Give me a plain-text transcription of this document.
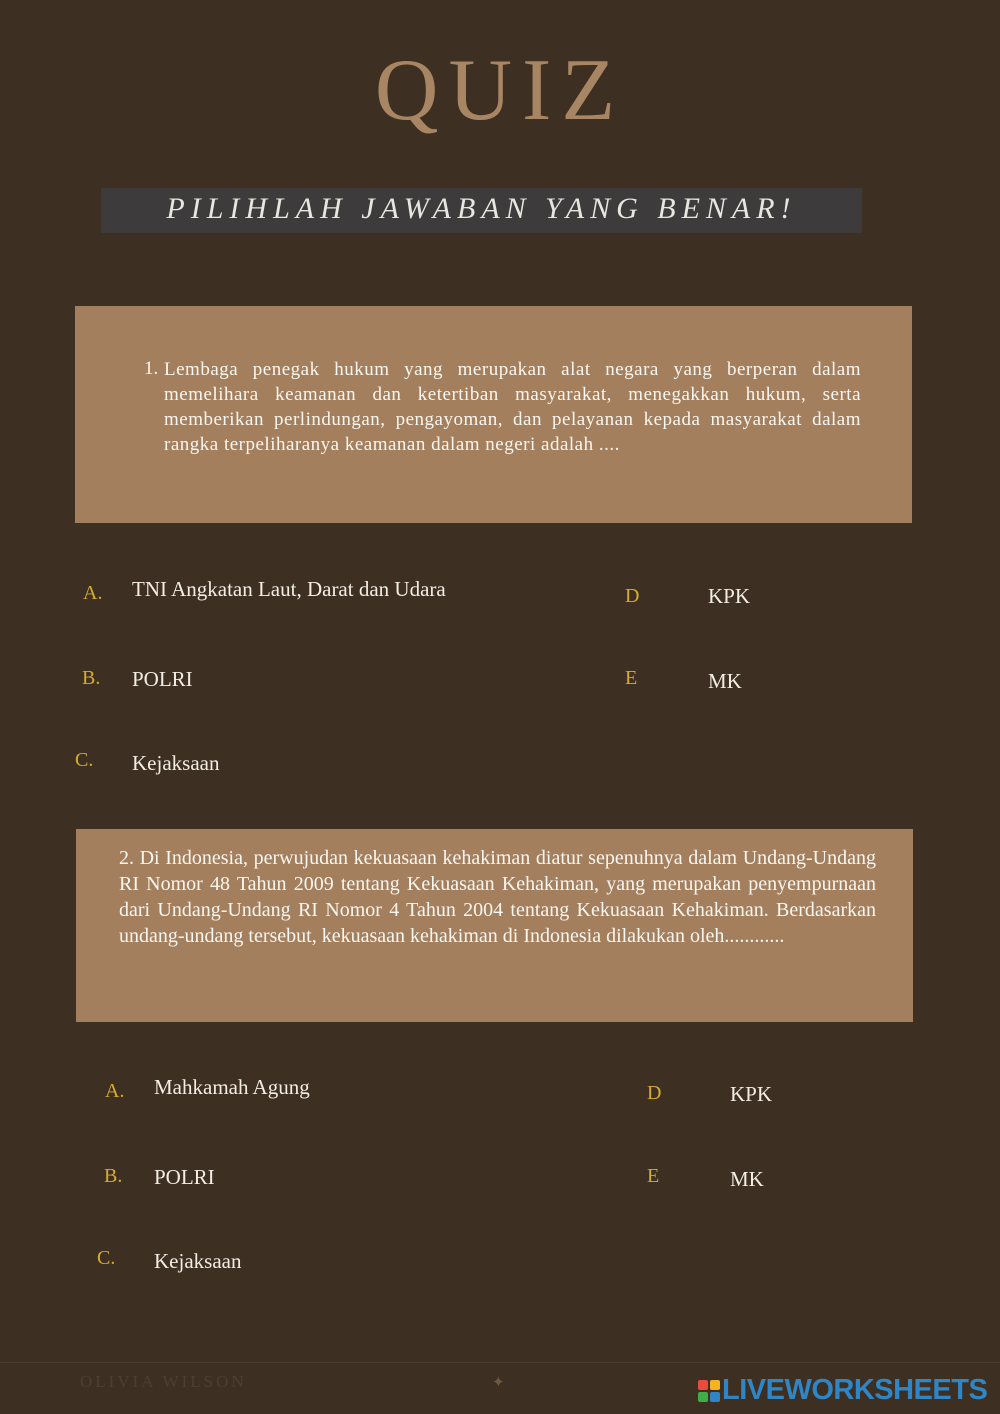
QUIZ
PILIHLAH JAWABAN YANG BENAR!
1. Lembaga penegak hukum yang merupakan alat negara yang berperan dalam memelihara keamanan dan ketertiban masyarakat, menegakkan hukum, serta memberikan perlindungan, pengayoman, dan pelayanan kepada masyarakat dalam rangka terpeliharanya keamanan dalam negeri adalah ....
A. TNI Angkatan Laut, Darat dan Udara
B. POLRI
C. Kejaksaan
D	KPK
E	MK
2. Di Indonesia, perwujudan kekuasaan kehakiman diatur sepenuhnya dalam Undang-Undang RI Nomor 48 Tahun 2009 tentang Kekuasaan Kehakiman, yang merupakan penyempurnaan dari Undang-Undang RI Nomor 4 Tahun 2004 tentang Kekuasaan Kehakiman. Berdasarkan undang-undang tersebut, kekuasaan kehakiman di Indonesia dilakukan oleh............
A. Mahkamah Agung
B. POLRI
C. Kejaksaan
D	KPK
E	MK
OLIVIA WILSON	✦	LIVEWORKSHEETS
